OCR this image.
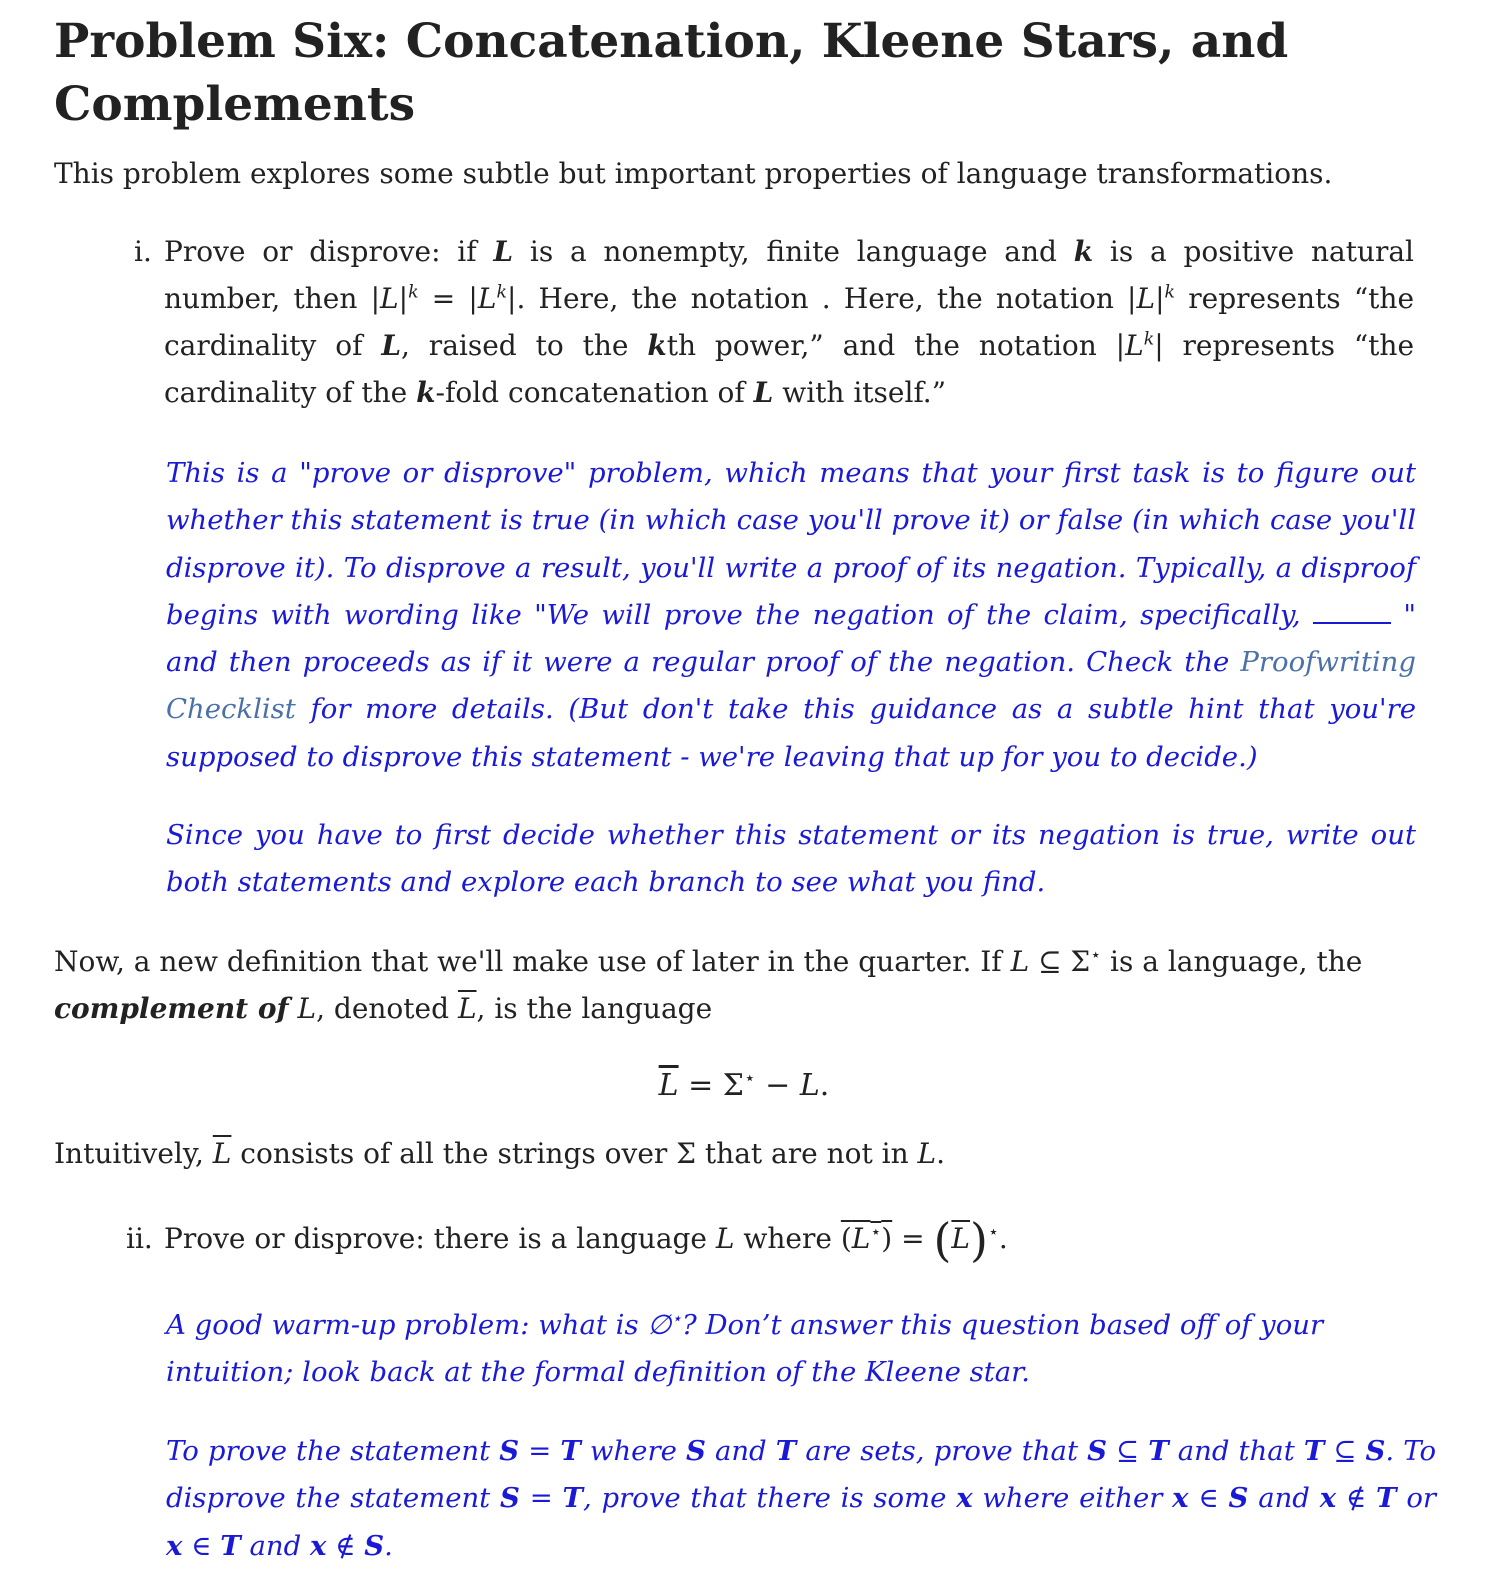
Problem Six: Concatenation, Kleene Stars, and Complements

This problem explores some subtle but important properties of language transformations.

i. Prove or disprove: if L is a nonempty, finite language and k is a positive natural number, then $|L|^k = |L^k|$. Here, the notation . Here, the notation $|L|^k$ represents “the cardinality of L, raised to the kth power,” and the notation $|L^k|$ represents “the cardinality of the k-fold concatenation of L with itself.”

This is a "prove or disprove" problem, which means that your first task is to figure out whether this statement is true (in which case you'll prove it) or false (in which case you'll disprove it). To disprove a result, you'll write a proof of its negation. Typically, a disproof begins with wording like "We will prove the negation of the claim, specifically,	" and then proceeds as if it were a regular proof of the negation. Check the Proofwriting Checklist for more details. (But don't take this guidance as a subtle hint that you're supposed to disprove this statement - we're leaving that up for you to decide.)

Since you have to first decide whether this statement or its negation is true, write out both statements and explore each branch to see what you find.

Now, a new definition that we'll make use of later in the quarter. If L ⊆ Σ⋆ is a language, the complement of L, denoted $\overline{L}$, is the language

$\overline{L} = \Sigma^⋆ - L$.

Intuitively, $\overline{L}$ consists of all the strings over Σ that are not in L.

ii. Prove or disprove: there is a language L where $(L^⋆) = (\overline{L})^⋆$.

A good warm-up problem: what is ∅⋆? Don’t answer this question based off of your intuition; look back at the formal definition of the Kleene star.

To prove the statement S = T where S and T are sets, prove that S ⊆ T and that T ⊆ S. To disprove the statement S = T, prove that there is some x where either x ∈ S and x ∉ T or x ∈ T and x ∉ S.
